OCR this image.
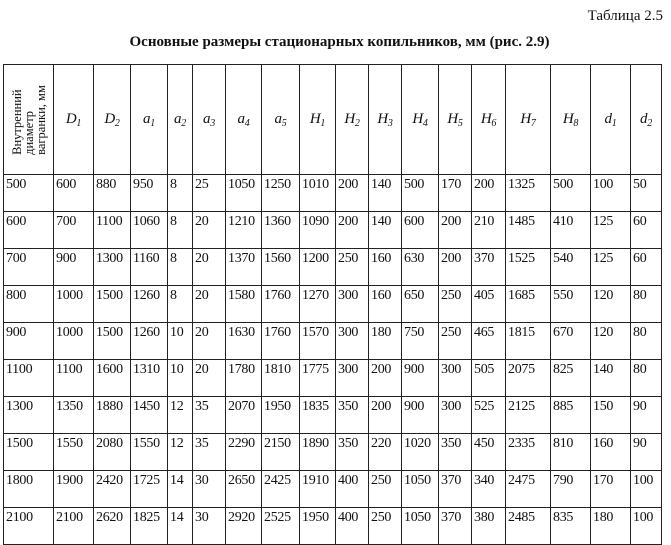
Таблица 2.5
Основные размеры стационарных копильников, мм (рис. 2.9)
Внутренний
диаметр
вагранки, мм	$D_1$	$D_2$	$a_1$	$a_2$	$a_3$	$a_4$	$a_5$	$H_1$	$H_2$	$H_3$	$H_4$	$H_5$	$H_6$	$H_7$	$H_8$	$d_1$	$d_2$
500	600	880	950	8	25	1050	1250	1010	200	140	500	170	200	1325	500	100	50
600	700	1100	1060	8	20	1210	1360	1090	200	140	600	200	210	1485	410	125	60
700	900	1300	1160	8	20	1370	1560	1200	250	160	630	200	370	1525	540	125	60
800	1000	1500	1260	8	20	1580	1760	1270	300	160	650	250	405	1685	550	120	80
900	1000	1500	1260	10	20	1630	1760	1570	300	180	750	250	465	1815	670	120	80
1100	1100	1600	1310	10	20	1780	1810	1775	300	200	900	300	505	2075	825	140	80
1300	1350	1880	1450	12	35	2070	1950	1835	350	200	900	300	525	2125	885	150	90
1500	1550	2080	1550	12	35	2290	2150	1890	350	220	1020	350	450	2335	810	160	90
1800	1900	2420	1725	14	30	2650	2425	1910	400	250	1050	370	340	2475	790	170	100
2100	2100	2620	1825	14	30	2920	2525	1950	400	250	1050	370	380	2485	835	180	100
